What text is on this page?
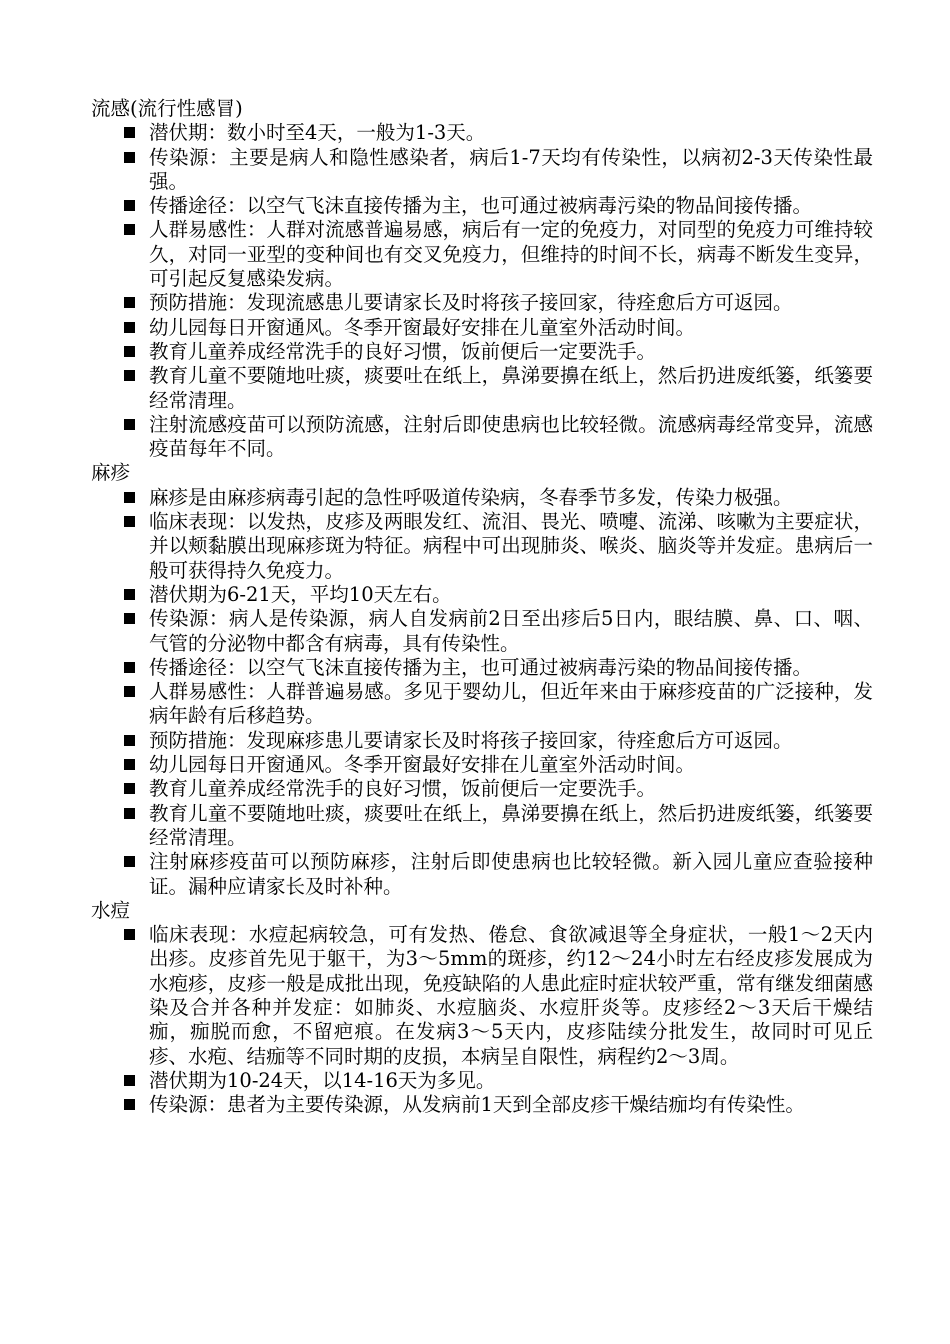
流感(流行性感冒)

潜伏期：数小时至4天，一般为1-3天。
传染源：主要是病人和隐性感染者，病后1-7天均有传染性，以病初2-3天传染性最强。
传播途径：以空气飞沫直接传播为主，也可通过被病毒污染的物品间接传播。
人群易感性：人群对流感普遍易感，病后有一定的免疫力，对同型的免疫力可维持较久，对同一亚型的变种间也有交叉免疫力，但维持的时间不长，病毒不断发生变异，可引起反复感染发病。
预防措施：发现流感患儿要请家长及时将孩子接回家，待痊愈后方可返园。
幼儿园每日开窗通风。冬季开窗最好安排在儿童室外活动时间。
教育儿童养成经常洗手的良好习惯，饭前便后一定要洗手。
教育儿童不要随地吐痰，痰要吐在纸上，鼻涕要擤在纸上，然后扔进废纸篓，纸篓要经常清理。
注射流感疫苗可以预防流感，注射后即使患病也比较轻微。流感病毒经常变异，流感疫苗每年不同。

麻疹

麻疹是由麻疹病毒引起的急性呼吸道传染病，冬春季节多发，传染力极强。
临床表现：以发热，皮疹及两眼发红、流泪、畏光、喷嚏、流涕、咳嗽为主要症状，并以颊黏膜出现麻疹斑为特征。病程中可出现肺炎、喉炎、脑炎等并发症。患病后一般可获得持久免疫力。
潜伏期为6-21天，平均10天左右。
传染源：病人是传染源，病人自发病前2日至出疹后5日内，眼结膜、鼻、口、咽、气管的分泌物中都含有病毒，具有传染性。
传播途径：以空气飞沫直接传播为主，也可通过被病毒污染的物品间接传播。
人群易感性：人群普遍易感。多见于婴幼儿，但近年来由于麻疹疫苗的广泛接种，发病年龄有后移趋势。
预防措施：发现麻疹患儿要请家长及时将孩子接回家，待痊愈后方可返园。
幼儿园每日开窗通风。冬季开窗最好安排在儿童室外活动时间。
教育儿童养成经常洗手的良好习惯，饭前便后一定要洗手。
教育儿童不要随地吐痰，痰要吐在纸上，鼻涕要擤在纸上，然后扔进废纸篓，纸篓要经常清理。
注射麻疹疫苗可以预防麻疹，注射后即使患病也比较轻微。新入园儿童应查验接种证。漏种应请家长及时补种。

水痘

临床表现：水痘起病较急，可有发热、倦怠、食欲减退等全身症状，一般1～2天内出疹。皮疹首先见于躯干，为3～5mm的斑疹，约12～24小时左右经皮疹发展成为水疱疹，皮疹一般是成批出现，免疫缺陷的人患此症时症状较严重，常有继发细菌感染及合并各种并发症：如肺炎、水痘脑炎、水痘肝炎等。皮疹经2～3天后干燥结痂，痂脱而愈，不留疤痕。在发病3～5天内，皮疹陆续分批发生，故同时可见丘疹、水疱、结痂等不同时期的皮损，本病呈自限性，病程约2～3周。
潜伏期为10-24天，以14-16天为多见。
传染源：患者为主要传染源，从发病前1天到全部皮疹干燥结痂均有传染性。
